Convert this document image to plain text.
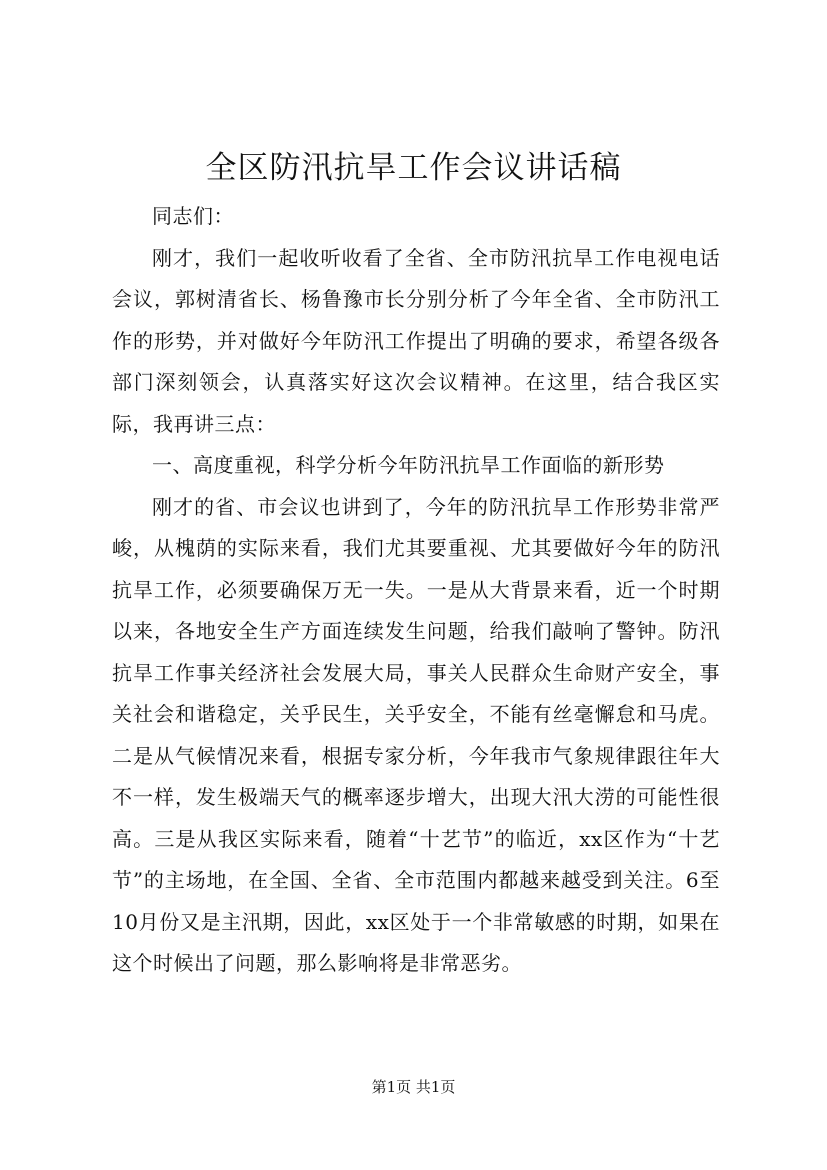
全区防汛抗旱工作会议讲话稿

同志们：

刚才，我们一起收听收看了全省、全市防汛抗旱工作电视电话会议，郭树清省长、杨鲁豫市长分别分析了今年全省、全市防汛工作的形势，并对做好今年防汛工作提出了明确的要求，希望各级各部门深刻领会，认真落实好这次会议精神。在这里，结合我区实际，我再讲三点：

一、高度重视，科学分析今年防汛抗旱工作面临的新形势

刚才的省、市会议也讲到了，今年的防汛抗旱工作形势非常严峻，从槐荫的实际来看，我们尤其要重视、尤其要做好今年的防汛抗旱工作，必须要确保万无一失。一是从大背景来看，近一个时期以来，各地安全生产方面连续发生问题，给我们敲响了警钟。防汛抗旱工作事关经济社会发展大局，事关人民群众生命财产安全，事关社会和谐稳定，关乎民生，关乎安全，不能有丝毫懈怠和马虎。二是从气候情况来看，根据专家分析，今年我市气象规律跟往年大不一样，发生极端天气的概率逐步增大，出现大汛大涝的可能性很高。三是从我区实际来看，随着“十艺节”的临近，xx区作为“十艺节”的主场地，在全国、全省、全市范围内都越来越受到关注。6至10月份又是主汛期，因此，xx区处于一个非常敏感的时期，如果在这个时候出了问题，那么影响将是非常恶劣。

第1页 共1页
